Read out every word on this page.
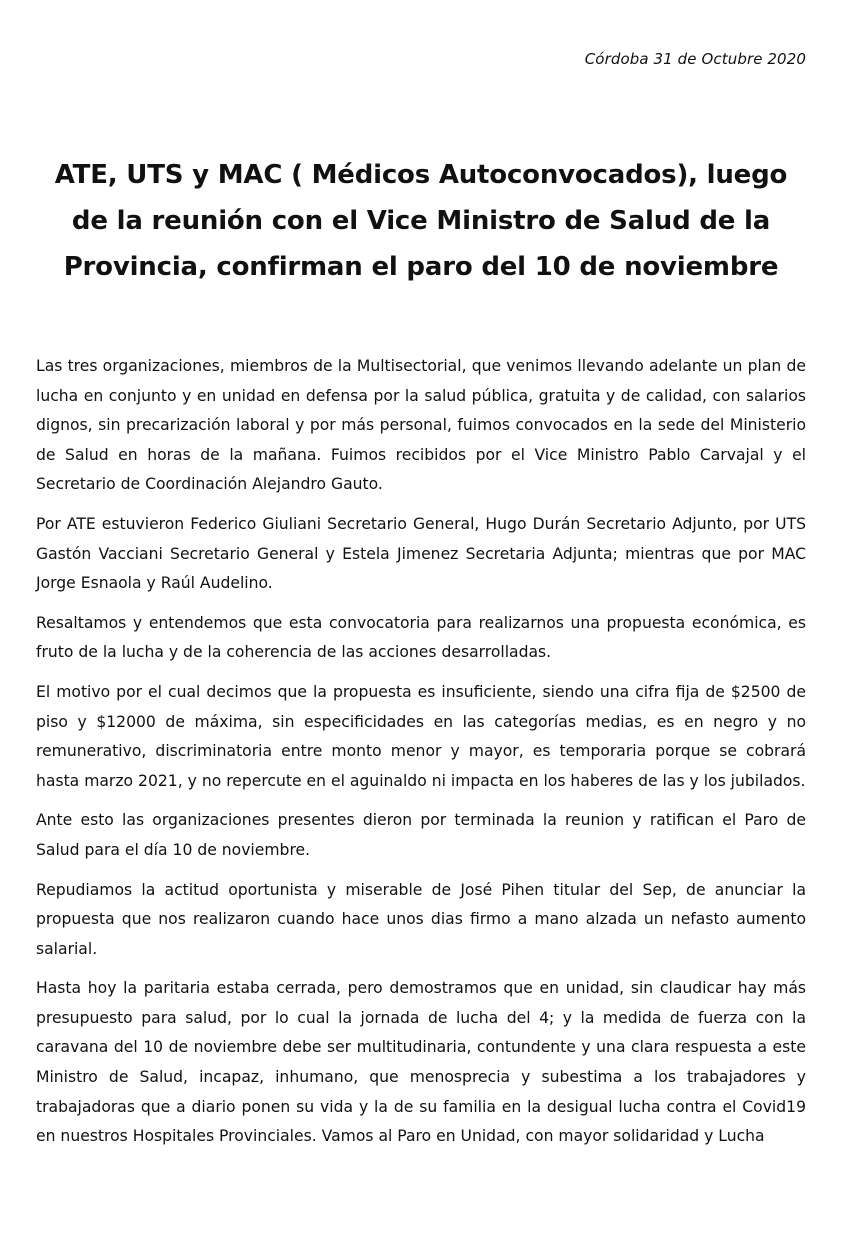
Córdoba 31 de Octubre 2020
ATE, UTS y MAC ( Médicos Autoconvocados), luego de la reunión con el Vice Ministro de Salud de la Provincia, confirman el paro del 10 de noviembre

Las tres organizaciones, miembros de la Multisectorial, que venimos llevando adelante un plan de lucha en conjunto y en unidad en defensa por la salud pública, gratuita y de calidad, con salarios dignos, sin precarización laboral y por más personal, fuimos convocados en la sede del Ministerio de Salud en horas de la mañana. Fuimos recibidos por el Vice Ministro Pablo Carvajal y el Secretario de Coordinación Alejandro Gauto.

Por ATE estuvieron Federico Giuliani Secretario General, Hugo Durán Secretario Adjunto, por UTS Gastón Vacciani Secretario General y Estela Jimenez Secretaria Adjunta; mientras que por MAC Jorge Esnaola y Raúl Audelino.

Resaltamos y entendemos que esta convocatoria para realizarnos una propuesta económica, es fruto de la lucha y de la coherencia de las acciones desarrolladas.

El motivo por el cual decimos que la propuesta es insuficiente, siendo una cifra fija de $2500 de piso y $12000 de máxima, sin especificidades en las categorías medias, es en negro y no remunerativo, discriminatoria entre monto menor y mayor, es temporaria porque se cobrará hasta marzo 2021, y no repercute en el aguinaldo ni impacta en los haberes de las y los jubilados.

Ante esto las organizaciones presentes dieron por terminada la reunion y ratifican el Paro de Salud para el día 10 de noviembre.

Repudiamos la actitud oportunista y miserable de José Pihen titular del Sep, de anunciar la propuesta que nos realizaron cuando hace unos dias firmo a mano alzada un nefasto aumento salarial.

Hasta hoy la paritaria estaba cerrada, pero demostramos que en unidad, sin claudicar hay más presupuesto para salud, por lo cual la jornada de lucha del 4; y la medida de fuerza con la caravana del 10 de noviembre debe ser multitudinaria, contundente y una clara respuesta a este Ministro de Salud, incapaz, inhumano, que menosprecia y subestima a los trabajadores y trabajadoras que a diario ponen su vida y la de su familia en la desigual lucha contra el Covid19 en nuestros Hospitales Provinciales. Vamos al Paro en Unidad, con mayor solidaridad y Lucha
